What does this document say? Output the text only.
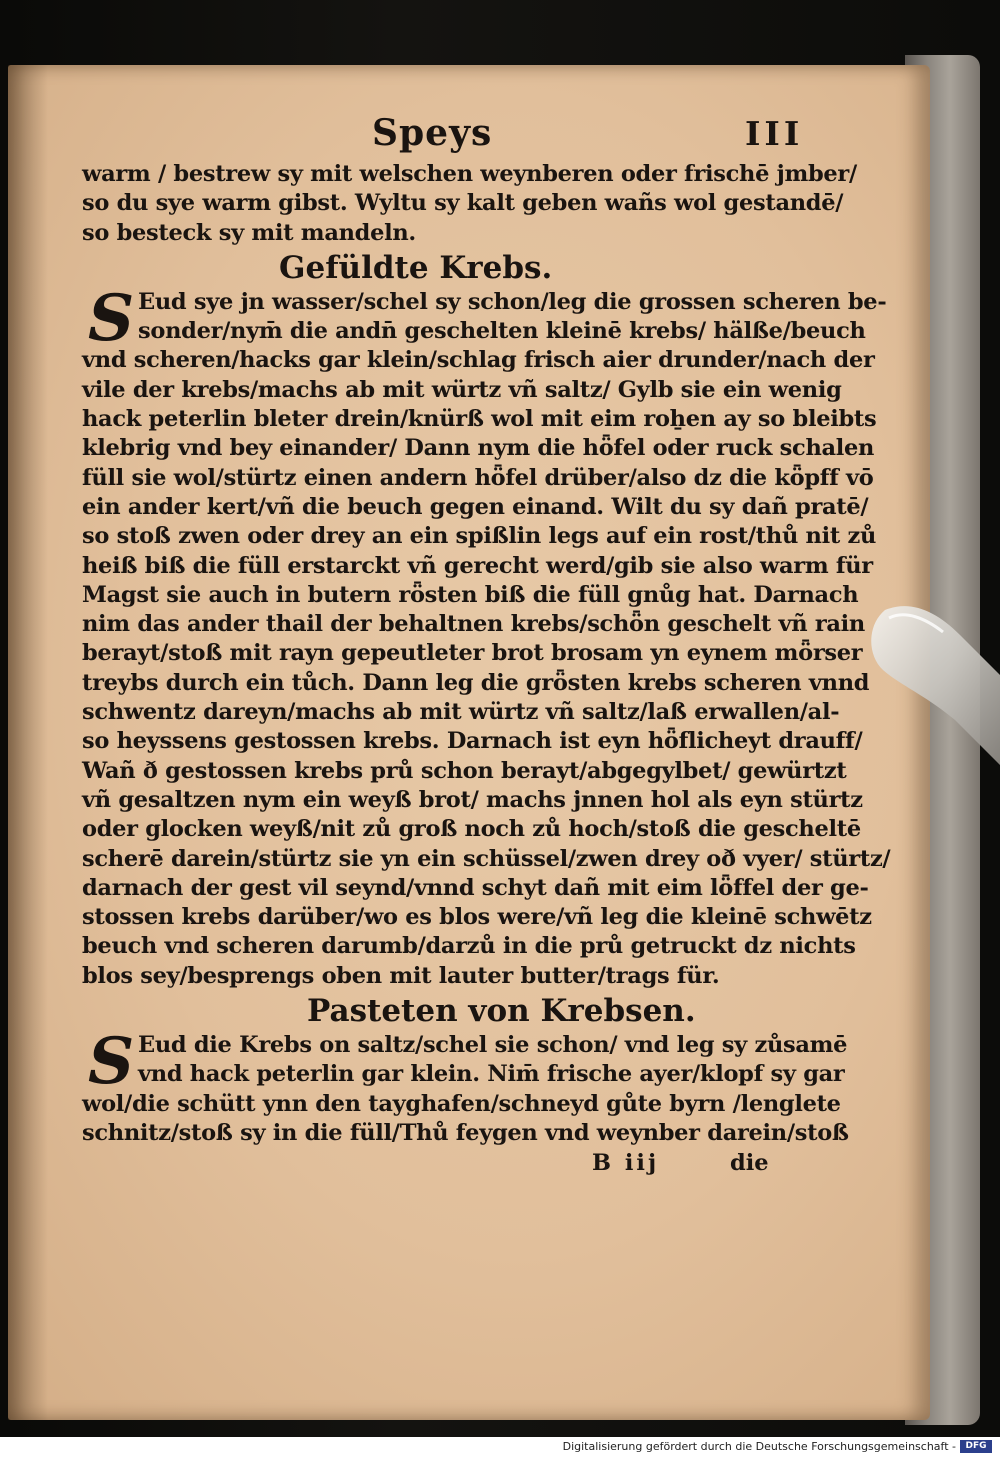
Speys	III
warm / bestrew sy mit welschen weynberen oder frischē jmber/
so du sye warm gibst. Wyltu sy kalt geben wañs wol gestandē/
so besteck sy mit mandeln.
Gefüldte Krebs.
S Eud sye jn wasser/schel sy schon/leg die grossen scheren be-
sonder/nym̄ die andn̄ geschelten kleinē krebs/ hälße/beuch
vnd scheren/hacks gar klein/schlag frisch aier drunder/nach der
vile der krebs/machs ab mit würtz vñ saltz/ Gylb sie ein wenig
hack peterlin bleter drein/knürß wol mit eim roẖen ay so bleibts
klebrig vnd bey einander/ Dann nym die hȫfel oder ruck schalen
füll sie wol/stürtz einen andern hȫfel drüber/also dz die kȫpff vō
ein ander kert/vñ die beuch gegen einand. Wilt du sy dañ pratē/
so stoß zwen oder drey an ein spißlin legs auf ein rost/thů nit zů
heiß biß die füll erstarckt vñ gerecht werd/gib sie also warm für
Magst sie auch in butern rȫsten biß die füll gnůg hat. Darnach
nim das ander thail der behaltnen krebs/schȫn geschelt vñ rain
berayt/stoß mit rayn gepeutleter brot brosam yn eynem mȫrser
treybs durch ein tůch. Dann leg die grȫsten krebs scheren vnnd
schwentz dareyn/machs ab mit würtz vñ saltz/laß erwallen/al-
so heyssens gestossen krebs. Darnach ist eyn hȫflicheyt drauff/
Wañ ð gestossen krebs prů schon berayt/abgegylbet/ gewürtzt
vñ gesaltzen nym ein weyß brot/ machs jnnen hol als eyn stürtz
oder glocken weyß/nit zů groß noch zů hoch/stoß die gescheltē
scherē darein/stürtz sie yn ein schüssel/zwen drey oð vyer/ stürtz/
darnach der gest vil seynd/vnnd schyt dañ mit eim lȫffel der ge-
stossen krebs darüber/wo es blos were/vñ leg die kleinē schwētz
beuch vnd scheren darumb/darzů in die prů getruckt dz nichts
blos sey/besprengs oben mit lauter butter/trags für.
Pasteten von Krebsen.
S Eud die Krebs on saltz/schel sie schon/ vnd leg sy zůsamē
vnd hack peterlin gar klein. Nim̄ frische ayer/klopf sy gar
wol/die schütt ynn den tayghafen/schneyd gůte byrn /lenglete
schnitz/stoß sy in die füll/Thů feygen vnd weynber darein/stoß
B iij	die
Digitalisierung gefördert durch die Deutsche Forschungsgemeinschaft -	DFG
